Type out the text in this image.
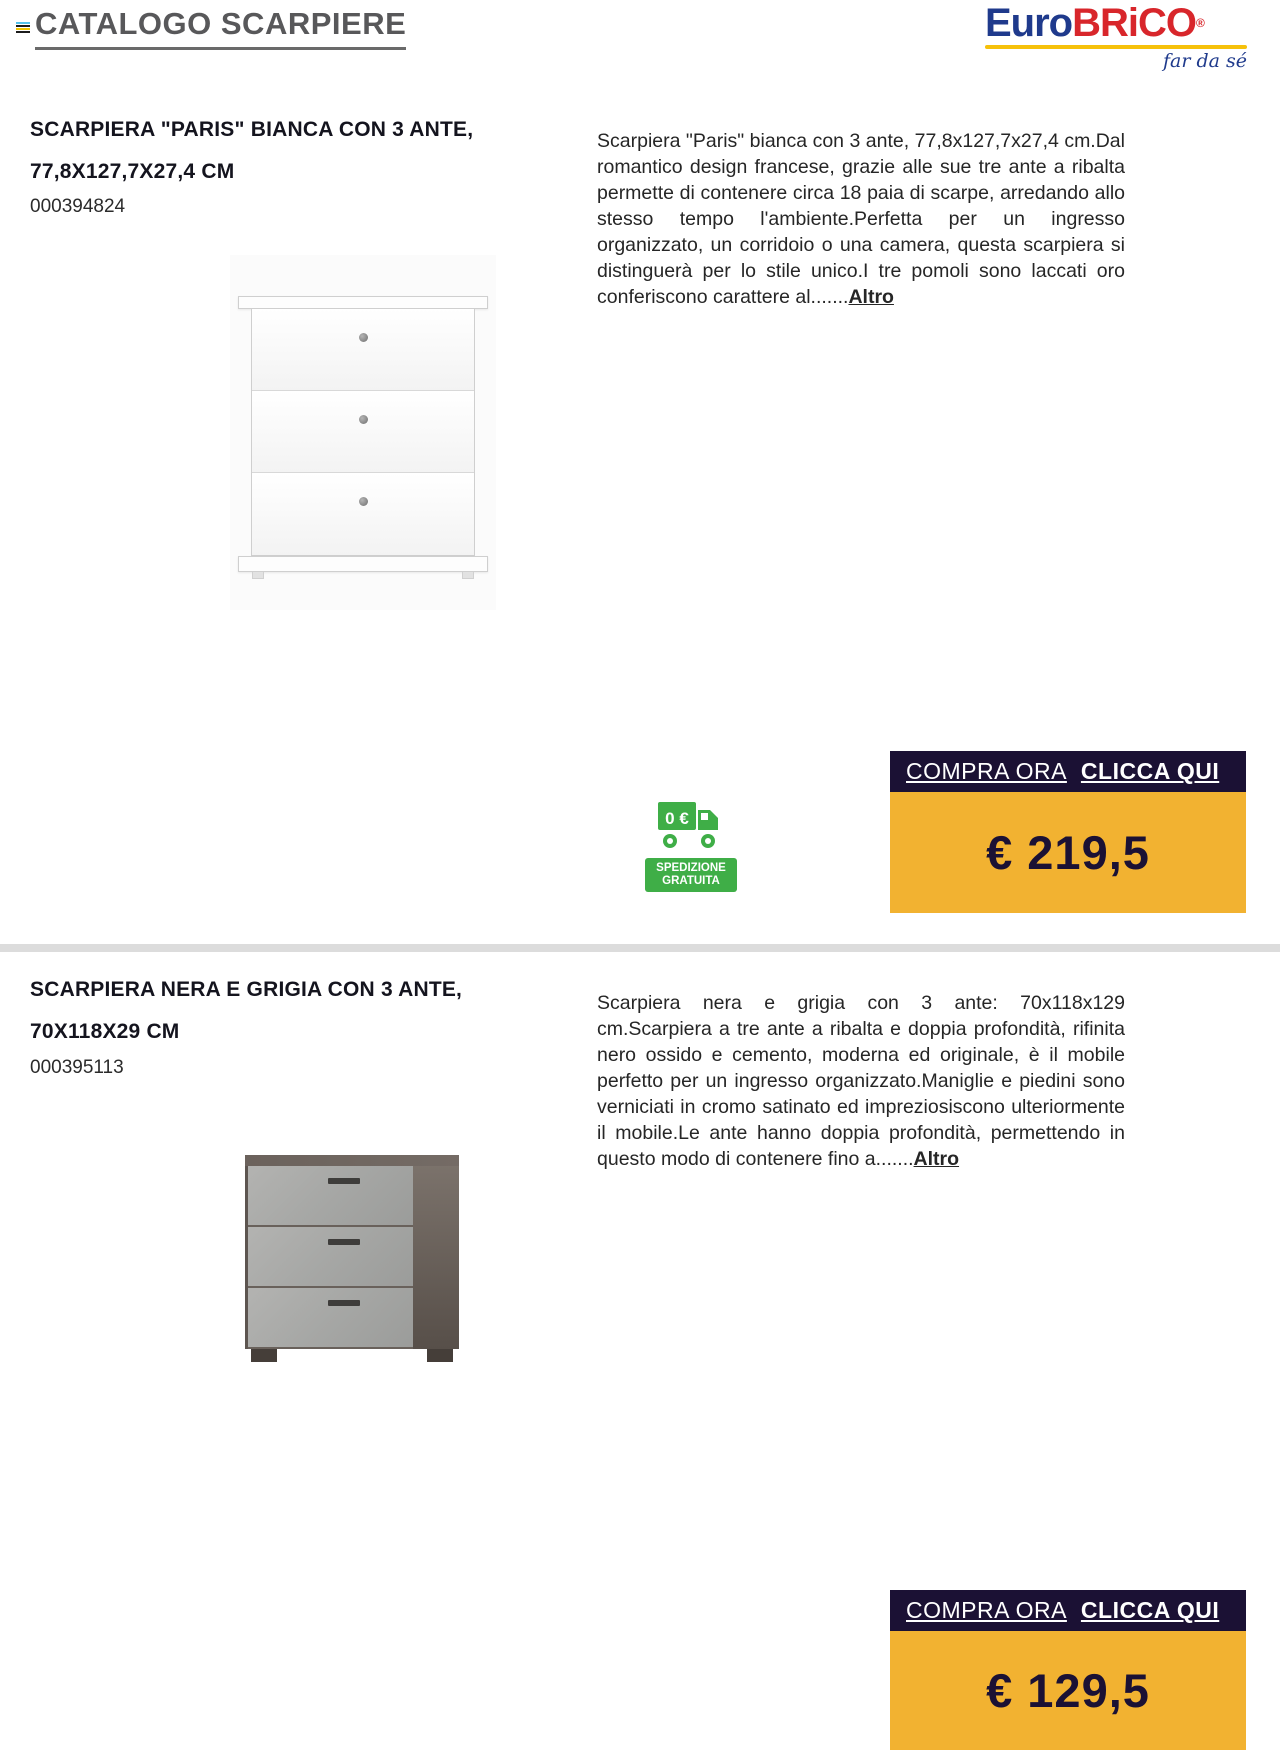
CATALOGO SCARPIERE	EuroBRiCO®
far da sé
SCARPIERA "PARIS" BIANCA CON 3 ANTE,
77,8X127,7X27,4 CM
000394824

Scarpiera "Paris" bianca con 3 ante, 77,8x127,7x27,4 cm.Dal romantico design francese, grazie alle sue tre ante a ribalta permette di contenere circa 18 paia di scarpe, arredando allo stesso tempo l'ambiente.Perfetta per un ingresso organizzato, un corridoio o una camera, questa scarpiera si distinguerà per lo stile unico.I tre pomoli sono laccati oro conferiscono carattere al.......Altro

0 €
SPEDIZIONE
GRATUITA
COMPRA ORA CLICCA QUI
€ 219,5
SCARPIERA NERA E GRIGIA CON 3 ANTE,
70X118X29 CM
000395113

Scarpiera nera e grigia con 3 ante: 70x118x129 cm.Scarpiera a tre ante a ribalta e doppia profondità, rifinita nero ossido e cemento, moderna ed originale, è il mobile perfetto per un ingresso organizzato.Maniglie e piedini sono verniciati in cromo satinato ed impreziosiscono ulteriormente il mobile.Le ante hanno doppia profondità, permettendo in questo modo di contenere fino a.......Altro

COMPRA ORA CLICCA QUI
€ 129,5
